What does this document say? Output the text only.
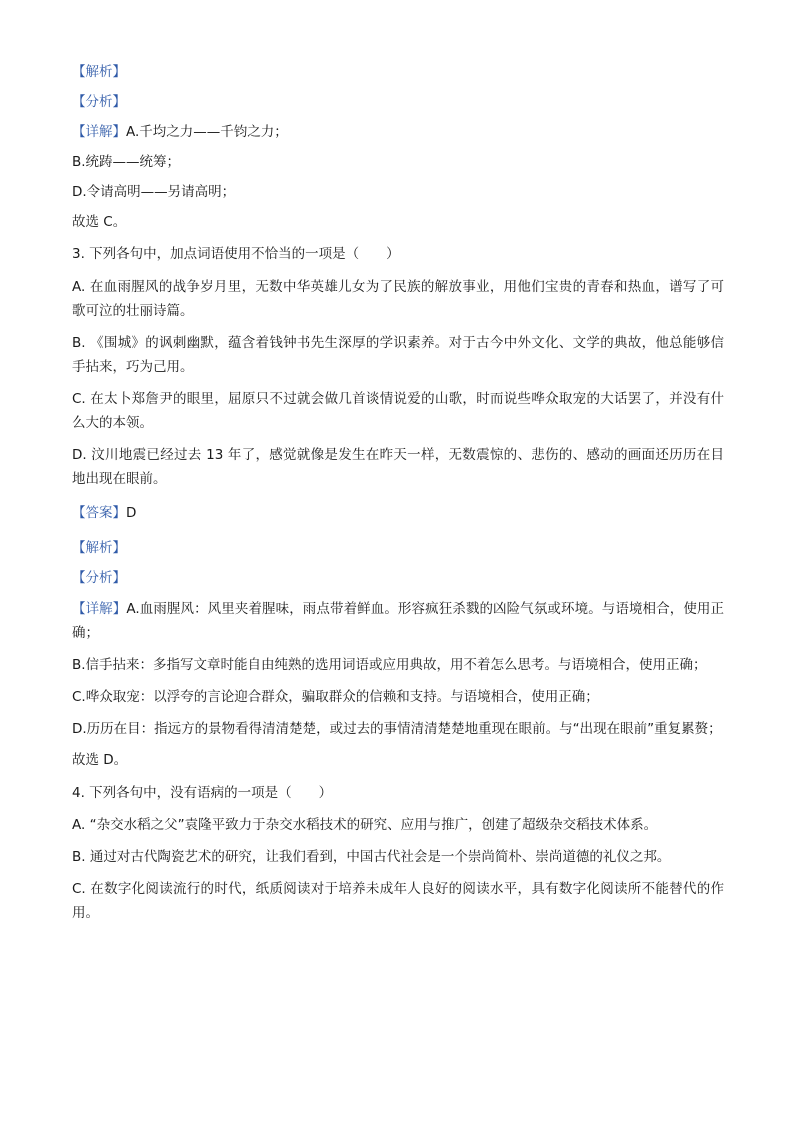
【解析】

【分析】

【详解】A.千均之力——千钧之力；

B.统踌——统筹；

D.令请高明——另请高明；

故选 C。

3. 下列各句中，加点词语使用不恰当的一项是（　　）

A. 在血雨腥风的战争岁月里，无数中华英雄儿女为了民族的解放事业，用他们宝贵的青春和热血，谱写了可歌可泣的壮丽诗篇。

B. 《围城》的讽刺幽默，蕴含着钱钟书先生深厚的学识素养。对于古今中外文化、文学的典故，他总能够信手拈来，巧为己用。

C. 在太卜郑詹尹的眼里，屈原只不过就会做几首谈情说爱的山歌，时而说些哗众取宠的大话罢了，并没有什么大的本领。

D. 汶川地震已经过去 13 年了，感觉就像是发生在昨天一样，无数震惊的、悲伤的、感动的画面还历历在目地出现在眼前。

【答案】D

【解析】

【分析】

【详解】A.血雨腥风：风里夹着腥味，雨点带着鲜血。形容疯狂杀戮的凶险气氛或环境。与语境相合，使用正确；

B.信手拈来：多指写文章时能自由纯熟的选用词语或应用典故，用不着怎么思考。与语境相合，使用正确；

C.哗众取宠：以浮夸的言论迎合群众，骗取群众的信赖和支持。与语境相合，使用正确；

D.历历在目：指远方的景物看得清清楚楚，或过去的事情清清楚楚地重现在眼前。与“出现在眼前”重复累赘；

故选 D。

4. 下列各句中，没有语病的一项是（　　）

A. “杂交水稻之父”袁隆平致力于杂交水稻技术的研究、应用与推广，创建了超级杂交稻技术体系。

B. 通过对古代陶瓷艺术的研究，让我们看到，中国古代社会是一个崇尚简朴、崇尚道德的礼仪之邦。

C. 在数字化阅读流行的时代，纸质阅读对于培养未成年人良好的阅读水平，具有数字化阅读所不能替代的作用。
